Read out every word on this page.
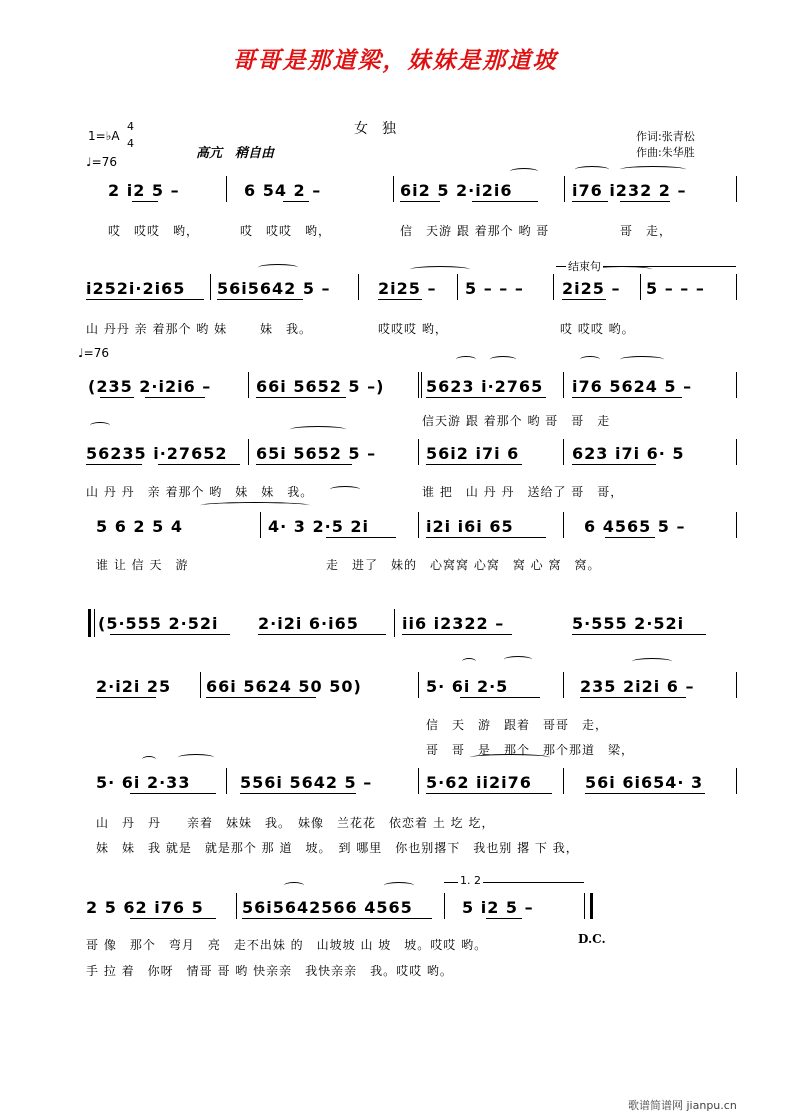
哥哥是那道梁，妹妹是那道坡
1=♭A
4
4
♩=76
高亢　稍自由
女　独	作词:张青松
作曲:朱华胜
2 i2 5 –	6 54 2 –	6i2 5 2·i2i6	i76 i232 2 –
哎　哎哎　哟，	哎　哎哎　哟，	信　天游 跟 着那个 哟 哥	哥　走，
i252i·2i65 56i5642 5 –	2i25 – 5 – – – 2i25 – 5 – – –
结束句
山 丹丹 亲 着那个 哟 妹	妹　我。	哎哎哎 哟，	哎 哎哎 哟。
♩=76
(235 2·i2i6 –	66i 5652 5 –)	5623 i·2765 i76 5624 5 –
信天游 跟 着那个 哟 哥　哥　走
56235 i·27652 65i 5652 5 –	56i2 i7i 6	623 i7i 6· 5
山 丹 丹　亲 着那个 哟　妹　妹　我。	谁 把　山 丹 丹　送给了 哥　哥，
5 6 2 5 4	4· 3 2·5 2i	i2i i6i 65	6 4565 5 –
谁 让 信 天　游	走　进了　妹的　心窝窝 心窝　窝 心 窝　窝。
(5·555 2·52i 2·i2i 6·i65	ii6 i2322 –	5·555 2·52i
2·i2i 25 66i 5624 50 50)	5· 6i 2·5	235 2i2i 6 –
信　天　游　跟着　哥哥　走，
哥　哥　是　那个　那个那道　梁，
5· 6i 2·33	556i 5642 5 –	5·62 ii2i76	56i 6i654· 3
山　丹　丹　　亲着　妹妹　我。　妹像　兰花花　依恋着 土 圪 圪，
妹　妹　我 就是　就是那个 那 道　坡。　到 哪里　你也别撂下　我也别 撂 下 我，
2 5 62 i76 5 56i5642566 4565	5 i2 5 –
1. 2
D.C.
哥 像　那个　弯月　亮　走不出妹 的　山坡坡 山 坡　坡。哎哎 哟。
手 拉 着　你呀　情哥 哥 哟 快亲亲　我快亲亲　我。哎哎 哟。
歌谱简谱网 jianpu.cn
